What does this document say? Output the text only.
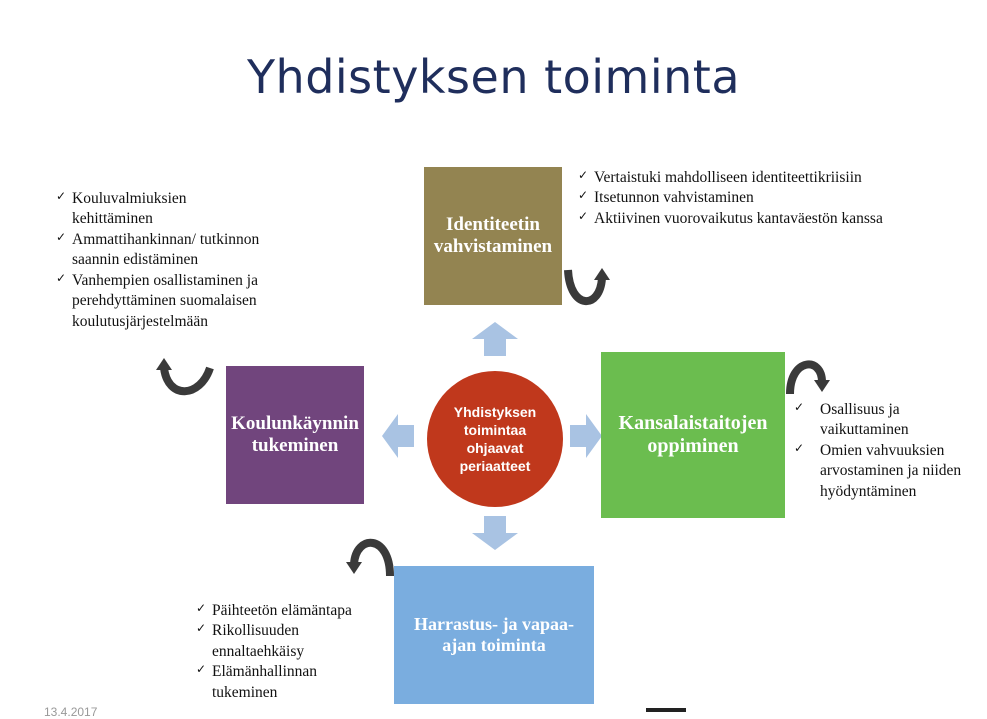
Yhdistyksen toiminta
Identiteetin
vahvistaminen
Koulunkäynnin
tukeminen
Kansalaistaitojen
oppiminen
Harrastus- ja vapaa-
ajan toiminta
Yhdistyksen
toimintaa
ohjaavat
periaatteet
✓ Vertaistuki mahdolliseen identiteettikriisiin
✓ Itsetunnon vahvistaminen
✓ Aktiivinen vuorovaikutus kantaväestön kanssa
✓ Kouluvalmiuksien kehittäminen
✓ Ammattihankinnan/ tutkinnon saannin edistäminen
✓ Vanhempien osallistaminen ja perehdyttäminen suomalaisen koulutusjärjestelmään
✓ Osallisuus ja vaikuttaminen
✓ Omien vahvuuksien arvostaminen ja niiden hyödyntäminen
✓ Päihteetön elämäntapa
✓ Rikollisuuden ennaltaehkäisy
✓ Elämänhallinnan tukeminen
13.4.2017
